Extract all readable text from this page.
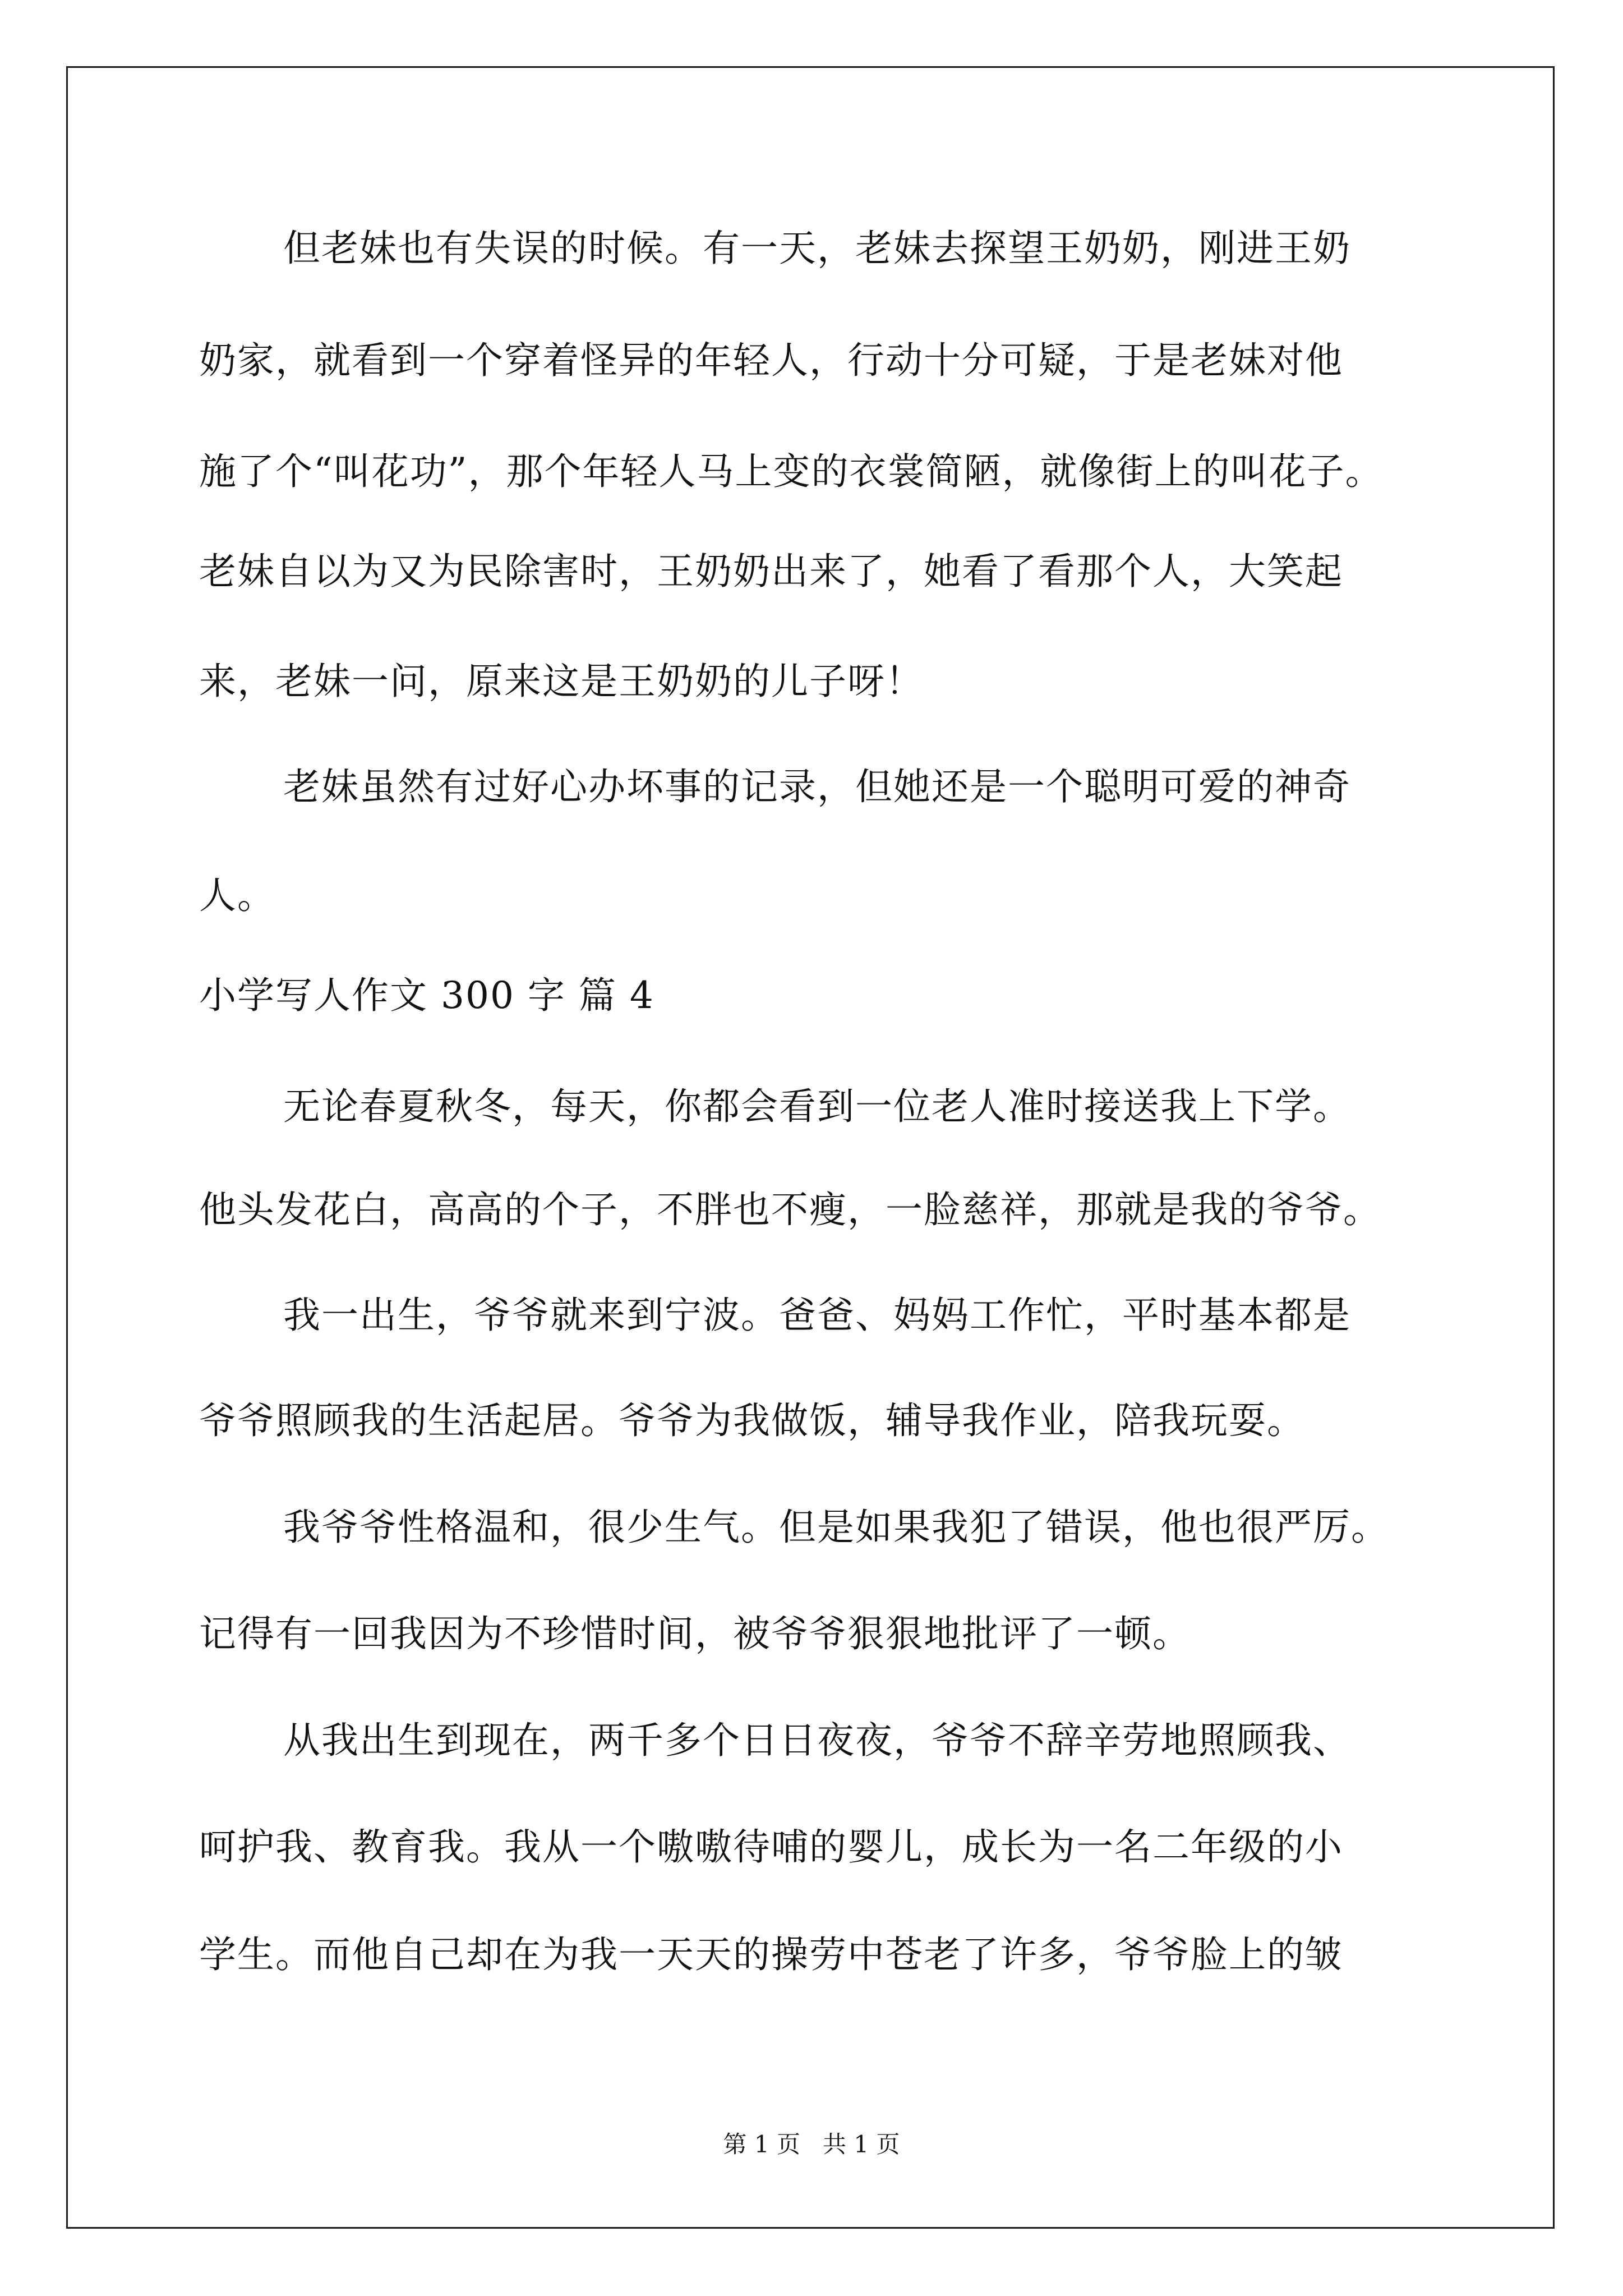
但老妹也有失误的时候。有一天，老妹去探望王奶奶，刚进王奶
奶家，就看到一个穿着怪异的年轻人，行动十分可疑，于是老妹对他
施了个“叫花功”，那个年轻人马上变的衣裳简陋，就像街上的叫花子。
老妹自以为又为民除害时，王奶奶出来了，她看了看那个人，大笑起
来，老妹一问，原来这是王奶奶的儿子呀！
老妹虽然有过好心办坏事的记录，但她还是一个聪明可爱的神奇
人。
小学写人作文 300 字 篇 4
无论春夏秋冬，每天，你都会看到一位老人准时接送我上下学。
他头发花白，高高的个子，不胖也不瘦，一脸慈祥，那就是我的爷爷。
我一出生，爷爷就来到宁波。爸爸、妈妈工作忙，平时基本都是
爷爷照顾我的生活起居。爷爷为我做饭，辅导我作业，陪我玩耍。
我爷爷性格温和，很少生气。但是如果我犯了错误，他也很严厉。
记得有一回我因为不珍惜时间，被爷爷狠狠地批评了一顿。
从我出生到现在，两千多个日日夜夜，爷爷不辞辛劳地照顾我、
呵护我、教育我。我从一个嗷嗷待哺的婴儿，成长为一名二年级的小
学生。而他自己却在为我一天天的操劳中苍老了许多，爷爷脸上的皱
第 1 页   共 1 页
